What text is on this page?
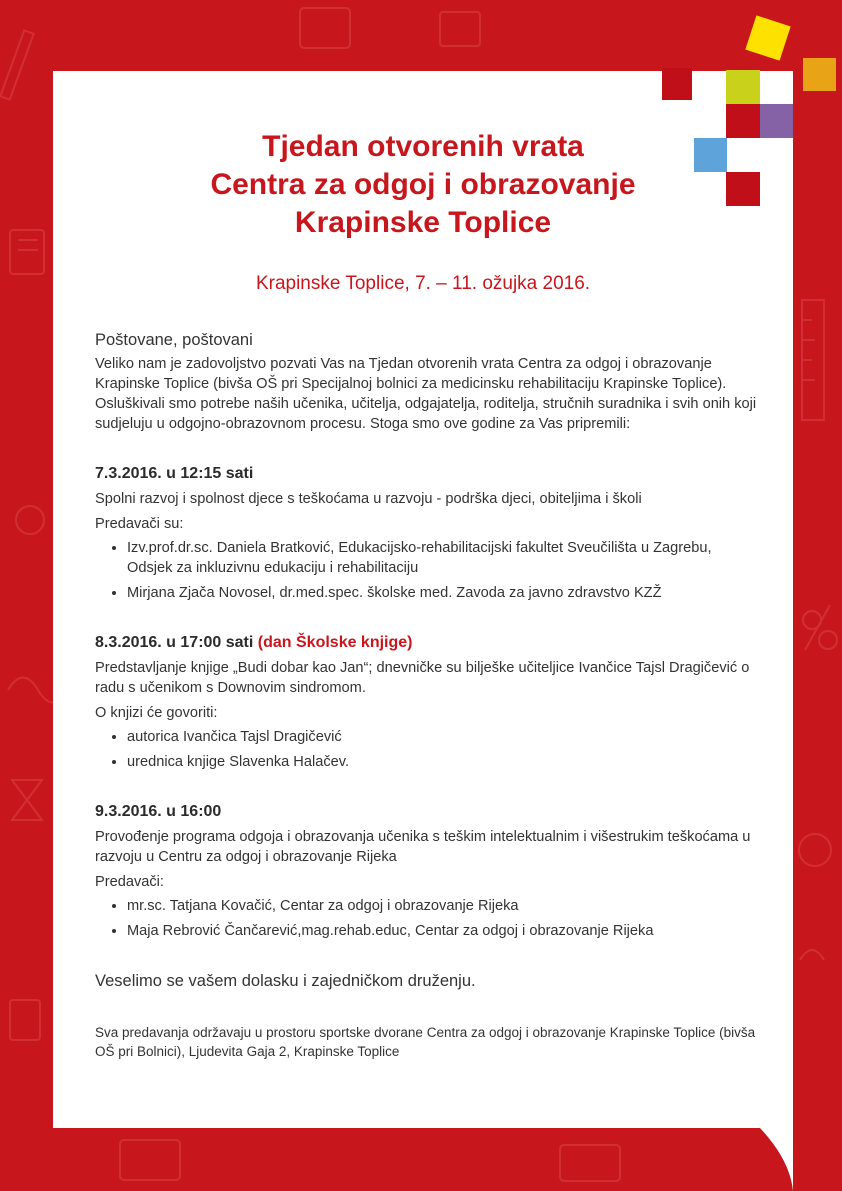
Tjedan otvorenih vrata
Centra za odgoj i obrazovanje
Krapinske Toplice

Krapinske Toplice, 7. – 11. ožujka 2016.

Poštovane, poštovani

Veliko nam je zadovoljstvo pozvati Vas na Tjedan otvorenih vrata Centra za odgoj i obrazovanje Krapinske Toplice (bivša OŠ pri Specijalnoj bolnici za medicinsku rehabilitaciju Krapinske Toplice). Osluškivali smo potrebe naših učenika, učitelja, odgajatelja, roditelja, stručnih suradnika i svih onih koji sudjeluju u odgojno-obrazovnom procesu. Stoga smo ove godine za Vas pripremili:

7.3.2016. u 12:15 sati

Spolni razvoj i spolnost djece s teškoćama u razvoju - podrška djeci, obiteljima i školi

Predavači su:

• Izv.prof.dr.sc. Daniela Bratković, Edukacijsko-rehabilitacijski fakultet Sveučilišta u Zagrebu, Odsjek za inkluzivnu edukaciju i rehabilitaciju
• Mirjana Zjača Novosel, dr.med.spec. školske med. Zavoda za javno zdravstvo KZŽ

8.3.2016. u 17:00 sati (dan Školske knjige)

Predstavljanje knjige „Budi dobar kao Jan“; dnevničke su bilješke učiteljice Ivančice Tajsl Dragičević o radu s učenikom s Downovim sindromom.

O knjizi će govoriti:

• autorica Ivančica Tajsl Dragičević
• urednica knjige Slavenka Halačev.

9.3.2016. u 16:00

Provođenje programa odgoja i obrazovanja učenika s teškim intelektualnim i višestrukim teškoćama u razvoju u Centru za odgoj i obrazovanje Rijeka

Predavači:

• mr.sc. Tatjana Kovačić, Centar za odgoj i obrazovanje Rijeka
• Maja Rebrović Čančarević,mag.rehab.educ, Centar za odgoj i obrazovanje Rijeka

Veselimo se vašem dolasku i zajedničkom druženju.

Sva predavanja održavaju u prostoru sportske dvorane Centra za odgoj i obrazovanje Krapinske Toplice (bivša OŠ pri Bolnici), Ljudevita Gaja 2, Krapinske Toplice
